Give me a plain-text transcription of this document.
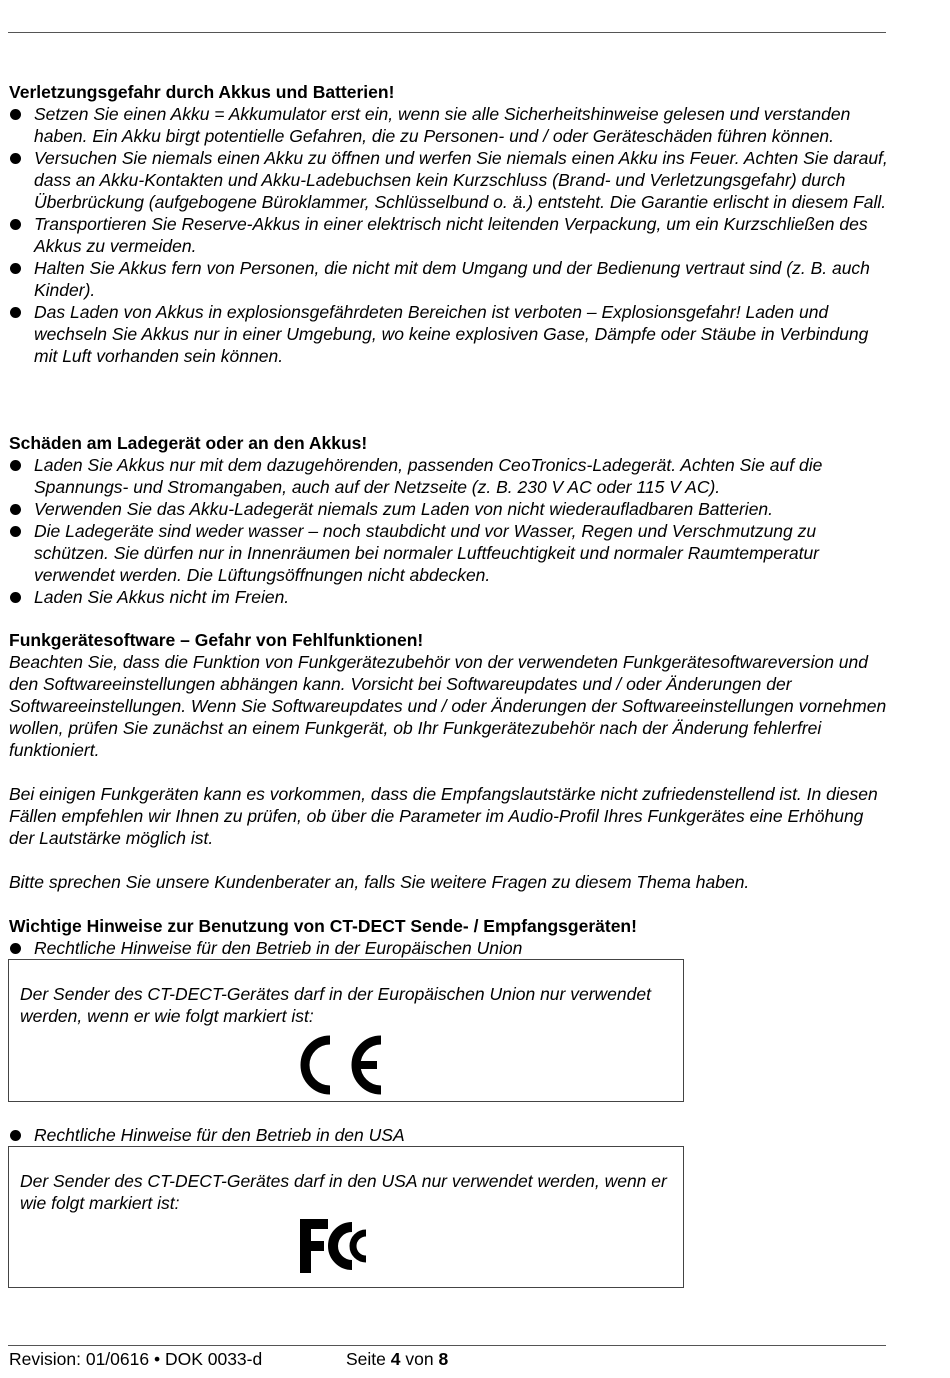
Verletzungsgefahr durch Akkus und Batterien!
Setzen Sie einen Akku = Akkumulator erst ein, wenn sie alle Sicherheitshinweise gelesen und verstanden haben. Ein Akku birgt potentielle Gefahren, die zu Personen- und / oder Geräteschäden führen können.
Versuchen Sie niemals einen Akku zu öffnen und werfen Sie niemals einen Akku ins Feuer. Achten Sie darauf, dass an Akku-Kontakten und Akku-Ladebuchsen kein Kurzschluss (Brand- und Verletzungsgefahr) durch Überbrückung (aufgebogene Büroklammer, Schlüsselbund o. ä.) entsteht. Die Garantie erlischt in diesem Fall.
Transportieren Sie Reserve-Akkus in einer elektrisch nicht leitenden Verpackung, um ein Kurzschließen des Akkus zu vermeiden.
Halten Sie Akkus fern von Personen, die nicht mit dem Umgang und der Bedienung vertraut sind (z. B. auch Kinder).
Das Laden von Akkus in explosionsgefährdeten Bereichen ist verboten – Explosionsgefahr! Laden und wechseln Sie Akkus nur in einer Umgebung, wo keine explosiven Gase, Dämpfe oder Stäube in Verbindung mit Luft vorhanden sein können.
Schäden am Ladegerät oder an den Akkus!
Laden Sie Akkus nur mit dem dazugehörenden, passenden CeoTronics-Ladegerät. Achten Sie auf die Spannungs- und Stromangaben, auch auf der Netzseite (z. B. 230 V AC oder 115 V AC).
Verwenden Sie das Akku-Ladegerät niemals zum Laden von nicht wiederaufladbaren Batterien.
Die Ladegeräte sind weder wasser – noch staubdicht und vor Wasser, Regen und Verschmutzung zu schützen. Sie dürfen nur in Innenräumen bei normaler Luftfeuchtigkeit und normaler Raumtemperatur verwendet werden. Die Lüftungsöffnungen nicht abdecken.
Laden Sie Akkus nicht im Freien.
Funkgerätesoftware – Gefahr von Fehlfunktionen!

Beachten Sie, dass die Funktion von Funkgerätezubehör von der verwendeten Funkgerätesoftwareversion und den Softwareeinstellungen abhängen kann. Vorsicht bei Softwareupdates und / oder Änderungen der Softwareeinstellungen. Wenn Sie Softwareupdates und / oder Änderungen der Softwareeinstellungen vornehmen wollen, prüfen Sie zunächst an einem Funkgerät, ob Ihr Funkgerätezubehör nach der Änderung fehlerfrei funktioniert.

Bei einigen Funkgeräten kann es vorkommen, dass die Empfangslautstärke nicht zufriedenstellend ist. In diesen Fällen empfehlen wir Ihnen zu prüfen, ob über die Parameter im Audio-Profil Ihres Funkgerätes eine Erhöhung der Lautstärke möglich ist.

Bitte sprechen Sie unsere Kundenberater an, falls Sie weitere Fragen zu diesem Thema haben.

Wichtige Hinweise zur Benutzung von CT-DECT Sende- / Empfangsgeräten!
Rechtliche Hinweise für den Betrieb in der Europäischen Union

Der Sender des CT-DECT-Gerätes darf in der Europäischen Union nur verwendet werden, wenn er wie folgt markiert ist:

Rechtliche Hinweise für den Betrieb in den USA

Der Sender des CT-DECT-Gerätes darf in den USA nur verwendet werden, wenn er wie folgt markiert ist:

Revision: 01/0616 • DOK 0033-d	Seite 4 von 8
